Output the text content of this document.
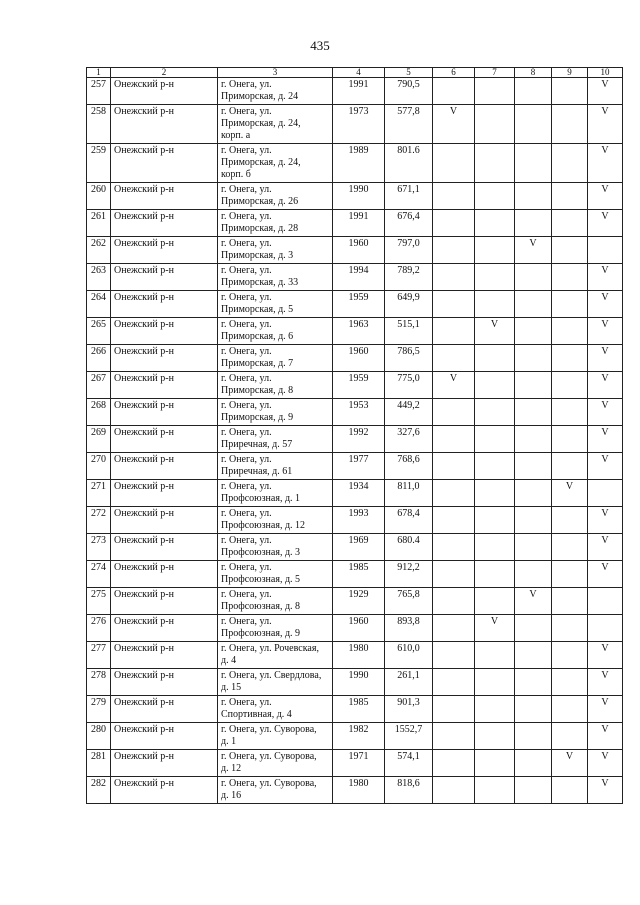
435
1	2	3	4	5	6	7	8	9	10
257	Онежский р-н	г. Онега, ул.
Приморская, д. 24	1991	790,5					V
258	Онежский р-н	г. Онега, ул.
Приморская, д. 24,
корп. а	1973	577,8	V				V
259	Онежский р-н	г. Онега, ул.
Приморская, д. 24,
корп. б	1989	801.6					V
260	Онежский р-н	г. Онега, ул.
Приморская, д. 26	1990	671,1					V
261	Онежский р-н	г. Онега, ул.
Приморская, д. 28	1991	676,4					V
262	Онежский р-н	г. Онега, ул.
Приморская, д. 3	1960	797,0			V		
263	Онежский р-н	г. Онега, ул.
Приморская, д. 33	1994	789,2					V
264	Онежский р-н	г. Онега, ул.
Приморская, д. 5	1959	649,9					V
265	Онежский р-н	г. Онега, ул.
Приморская, д. 6	1963	515,1		V			V
266	Онежский р-н	г. Онега, ул.
Приморская, д. 7	1960	786,5					V
267	Онежский р-н	г. Онега, ул.
Приморская, д. 8	1959	775,0	V				V
268	Онежский р-н	г. Онега, ул.
Приморская, д. 9	1953	449,2					V
269	Онежский р-н	г. Онега, ул.
Приречная, д. 57	1992	327,6					V
270	Онежский р-н	г. Онега, ул.
Приречная, д. 61	1977	768,6					V
271	Онежский р-н	г. Онега, ул.
Профсоюзная, д. 1	1934	811,0				V	
272	Онежский р-н	г. Онега, ул.
Профсоюзная, д. 12	1993	678,4					V
273	Онежский р-н	г. Онега, ул.
Профсоюзная, д. 3	1969	680.4					V
274	Онежский р-н	г. Онега, ул.
Профсоюзная, д. 5	1985	912,2					V
275	Онежский р-н	г. Онега, ул.
Профсоюзная, д. 8	1929	765,8			V		
276	Онежский р-н	г. Онега, ул.
Профсоюзная, д. 9	1960	893,8		V			
277	Онежский р-н	г. Онега, ул. Рочевская,
д. 4	1980	610,0					V
278	Онежский р-н	г. Онега, ул. Свердлова,
д. 15	1990	261,1					V
279	Онежский р-н	г. Онега, ул.
Спортивная, д. 4	1985	901,3					V
280	Онежский р-н	г. Онега, ул. Суворова,
д. 1	1982	1552,7					V
281	Онежский р-н	г. Онега, ул. Суворова,
д. 12	1971	574,1				V	V
282	Онежский р-н	г. Онега, ул. Суворова,
д. 16	1980	818,6					V
